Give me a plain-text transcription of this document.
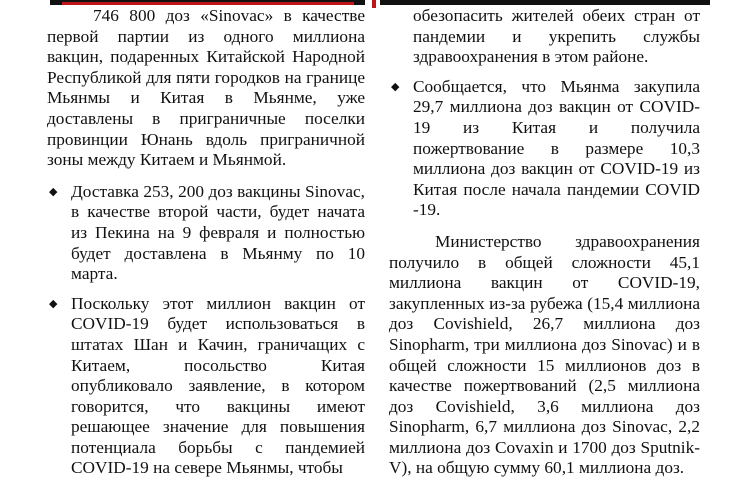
746 800 доз «Sinovac» в качестве первой партии из одного миллиона вакцин, подаренных Китайской Народной Республикой для пяти городков на границе Мьянмы и Китая в Мьянме, уже доставлены в приграничные поселки провинции Юнань вдоль приграничной зоны между Китаем и Мьянмой.

◆ Доставка 253, 200 доз вакцины Sinovac, в качестве второй части, будет начата из Пекина на 9 февраля и полностью будет доставлена в Мьянму по 10 марта.
◆ Поскольку этот миллион вакцин от COVID-19 будет использоваться в штатах Шан и Качин, граничащих с Китаем, посольство Китая опубликовало заявление, в котором говорится, что вакцины имеют решающее значение для повышения потенциала борьбы с пандемией COVID-19 на севере Мьянмы, чтобы
обезопасить жителей обеих стран от пандемии и укрепить службы здравоохранения в этом районе.
◆ Сообщается, что Мьянма закупила 29,7 миллиона доз вакцин от COVID-19 из Китая и получила пожертвование в размере 10,3 миллиона доз вакцин от COVID-19 из Китая после начала пандемии COVID -19.

Министерство здравоохранения получило в общей сложности 45,1 миллиона вакцин от COVID-19, закупленных из-за рубежа (15,4 миллиона доз Covishield, 26,7 миллиона доз Sinopharm, три миллиона доз Sinovac) и в общей сложности 15 миллионов доз в качестве пожертвований (2,5 миллиона доз Covishield, 3,6 миллиона доз Sinopharm, 6,7 миллиона доз Sinovac, 2,2 миллиона доз Covaxin и 1700 доз Sputnik-V), на общую сумму 60,1 миллиона доз.
